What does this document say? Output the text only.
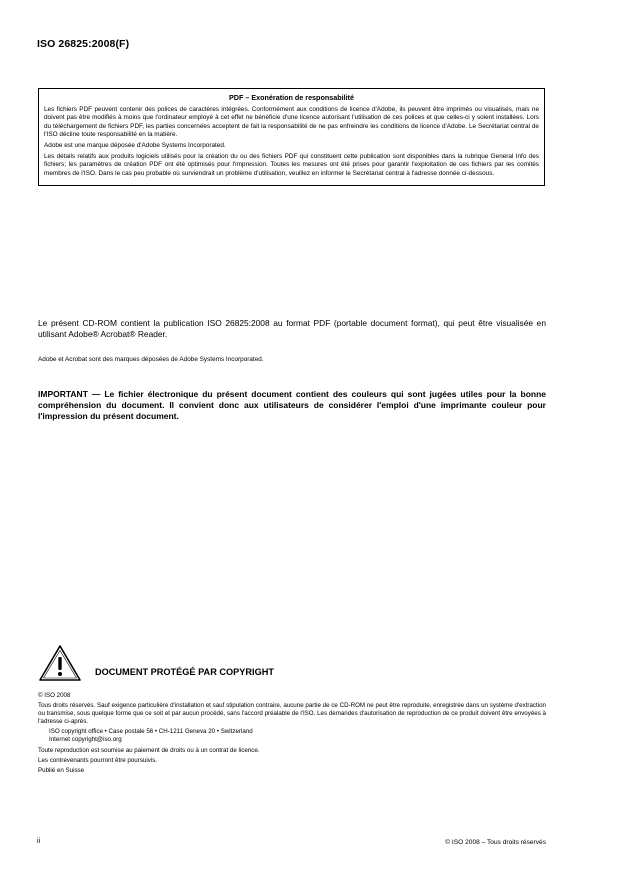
ISO 26825:2008(F)
PDF – Exonération de responsabilité

Les fichiers PDF peuvent contenir des polices de caractères intégrées. Conformément aux conditions de licence d'Adobe, ils peuvent être imprimés ou visualisés, mais ne doivent pas être modifiés à moins que l'ordinateur employé à cet effet ne bénéficie d'une licence autorisant l'utilisation de ces polices et que celles-ci y soient installées. Lors du téléchargement de fichiers PDF, les parties concernées acceptent de fait la responsabilité de ne pas enfreindre les conditions de licence d'Adobe. Le Secrétariat central de l'ISO décline toute responsabilité en la matière.

Adobe est une marque déposée d'Adobe Systems Incorporated.

Les détails relatifs aux produits logiciels utilisés pour la création du ou des fichiers PDF qui constituent cette publication sont disponibles dans la rubrique General Info des fichiers; les paramètres de création PDF ont été optimisés pour l'impression. Toutes les mesures ont été prises pour garantir l'exploitation de ces fichiers par les comités membres de l'ISO. Dans le cas peu probable où surviendrait un problème d'utilisation, veuillez en informer le Secrétariat central à l'adresse donnée ci-dessous.

Le présent CD-ROM contient la publication ISO 26825:2008 au format PDF (portable document format), qui peut être visualisée en utilisant Adobe® Acrobat® Reader.
Adobe et Acrobat sont des marques déposées de Adobe Systems Incorporated.
IMPORTANT — Le fichier électronique du présent document contient des couleurs qui sont jugées utiles pour la bonne compréhension du document. Il convient donc aux utilisateurs de considérer l'emploi d'une imprimante couleur pour l'impression du présent document.
DOCUMENT PROTÉGÉ PAR COPYRIGHT

© ISO 2008

Tous droits réservés. Sauf exigence particulière d'installation et sauf stipulation contraire, aucune partie de ce CD-ROM ne peut être reproduite, enregistrée dans un système d'extraction ou transmise, sous quelque forme que ce soit et par aucun procédé, sans l'accord préalable de l'ISO. Les demandes d'autorisation de reproduction de ce produit doivent être envoyées à l'adresse ci-après.

ISO copyright office • Case postale 56 • CH-1211 Geneva 20 • Switzerland

Internet copyright@iso.org

Toute reproduction est soumise au paiement de droits ou à un contrat de licence.

Les contrevenants pourront être poursuivis.

Publié en Suisse

ii	© ISO 2008 – Tous droits réservés
